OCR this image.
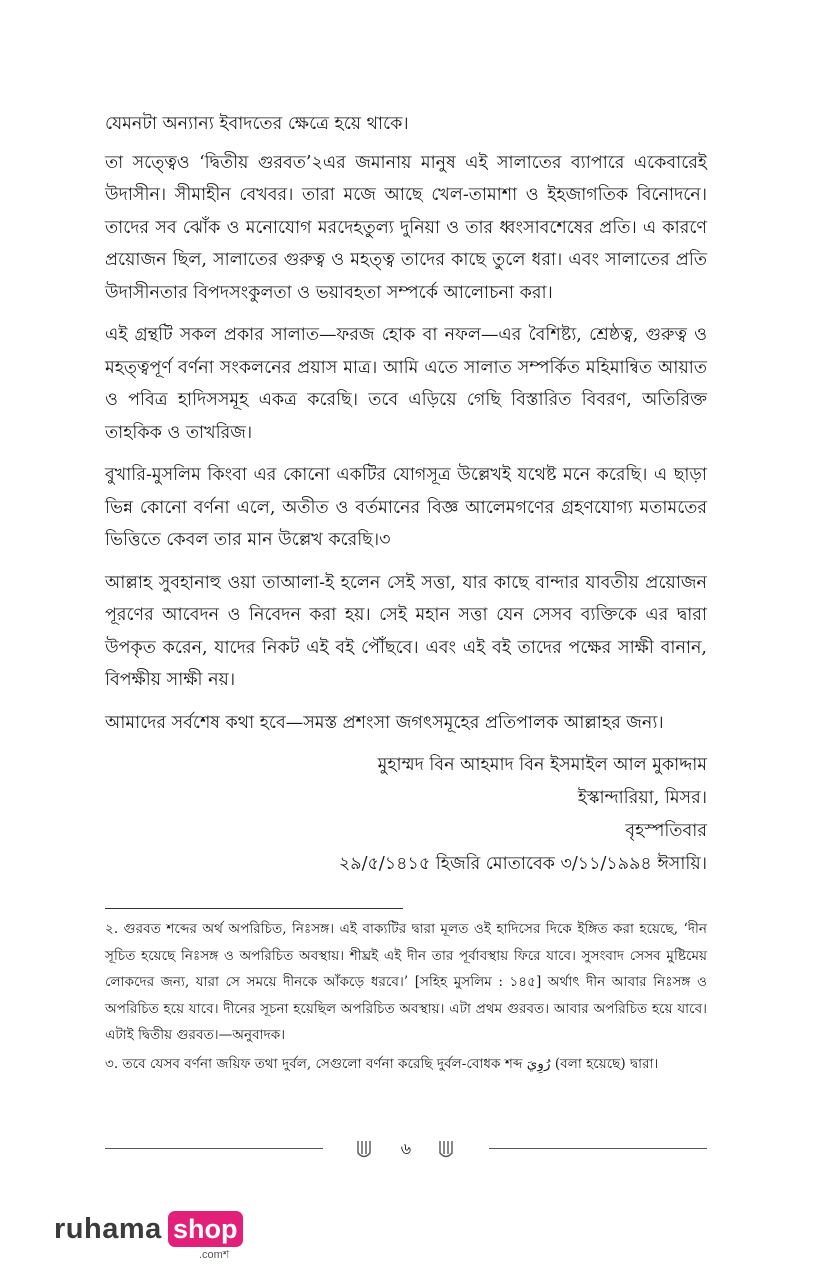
যেমনটা অন্যান্য ইবাদতের ক্ষেত্রে হয়ে থাকে।

তা সত্ত্বেও ‘দ্বিতীয় গুরবত’২এর জমানায় মানুষ এই সালাতের ব্যাপারে একেবারেই উদাসীন। সীমাহীন বেখবর। তারা মজে আছে খেল-তামাশা ও ইহজাগতিক বিনোদনে। তাদের সব ঝোঁক ও মনোযোগ মরদেহতুল্য দুনিয়া ও তার ধ্বংসাবশেষের প্রতি। এ কারণে প্রয়োজন ছিল, সালাতের গুরুত্ব ও মহত্ত্ব তাদের কাছে তুলে ধরা। এবং সালাতের প্রতি উদাসীনতার বিপদসংকুলতা ও ভয়াবহতা সম্পর্কে আলোচনা করা।

এই গ্রন্থটি সকল প্রকার সালাত—ফরজ হোক বা নফল—এর বৈশিষ্ট্য, শ্রেষ্ঠত্ব, গুরুত্ব ও মহত্ত্বপূর্ণ বর্ণনা সংকলনের প্রয়াস মাত্র। আমি এতে সালাত সম্পর্কিত মহিমান্বিত আয়াত ও পবিত্র হাদিসসমূহ একত্র করেছি। তবে এড়িয়ে গেছি বিস্তারিত বিবরণ, অতিরিক্ত তাহকিক ও তাখরিজ।

বুখারি-মুসলিম কিংবা এর কোনো একটির যোগসূত্র উল্লেখই যথেষ্ট মনে করেছি। এ ছাড়া ভিন্ন কোনো বর্ণনা এলে, অতীত ও বর্তমানের বিজ্ঞ আলেমগণের গ্রহণযোগ্য মতামতের ভিত্তিতে কেবল তার মান উল্লেখ করেছি।৩

আল্লাহ সুবহানাহু ওয়া তাআলা-ই হলেন সেই সত্তা, যার কাছে বান্দার যাবতীয় প্রয়োজন পূরণের আবেদন ও নিবেদন করা হয়। সেই মহান সত্তা যেন সেসব ব্যক্তিকে এর দ্বারা উপকৃত করেন, যাদের নিকট এই বই পৌঁছবে। এবং এই বই তাদের পক্ষের সাক্ষী বানান, বিপক্ষীয় সাক্ষী নয়।

আমাদের সর্বশেষ কথা হবে—সমস্ত প্রশংসা জগৎসমূহের প্রতিপালক আল্লাহর জন্য।

মুহাম্মদ বিন আহমাদ বিন ইসমাইল আল মুকাদ্দাম

ইস্কান্দারিয়া, মিসর।

বৃহস্পতিবার

২৯/৫/১৪১৫ হিজরি মোতাবেক ৩/১১/১৯৯৪ ঈসায়ি।

২. গুরবত শব্দের অর্থ অপরিচিত, নিঃসঙ্গ। এই বাক্যটির দ্বারা মূলত ওই হাদিসের দিকে ইঙ্গিত করা হয়েছে, ‘দীন সূচিত হয়েছে নিঃসঙ্গ ও অপরিচিত অবস্থায়। শীঘ্রই এই দীন তার পূর্বাবস্থায় ফিরে যাবে। সুসংবাদ সেসব মুষ্টিমেয় লোকদের জন্য, যারা সে সময়ে দীনকে আঁকড়ে ধরবে।’ [সহিহ মুসলিম : ১৪৫] অর্থাৎ দীন আবার নিঃসঙ্গ ও অপরিচিত হয়ে যাবে। দীনের সূচনা হয়েছিল অপরিচিত অবস্থায়। এটা প্রথম গুরবত। আবার অপরিচিত হয়ে যাবে। এটাই দ্বিতীয় গুরবত।—অনুবাদক।

৩. তবে যেসব বর্ণনা জয়িফ তথা দুর্বল, সেগুলো বর্ণনা করেছি দুর্বল-বোধক শব্দ رُوِيَ (বলা হয়েছে) দ্বারা।

৬
ruhama shop
.comশ
